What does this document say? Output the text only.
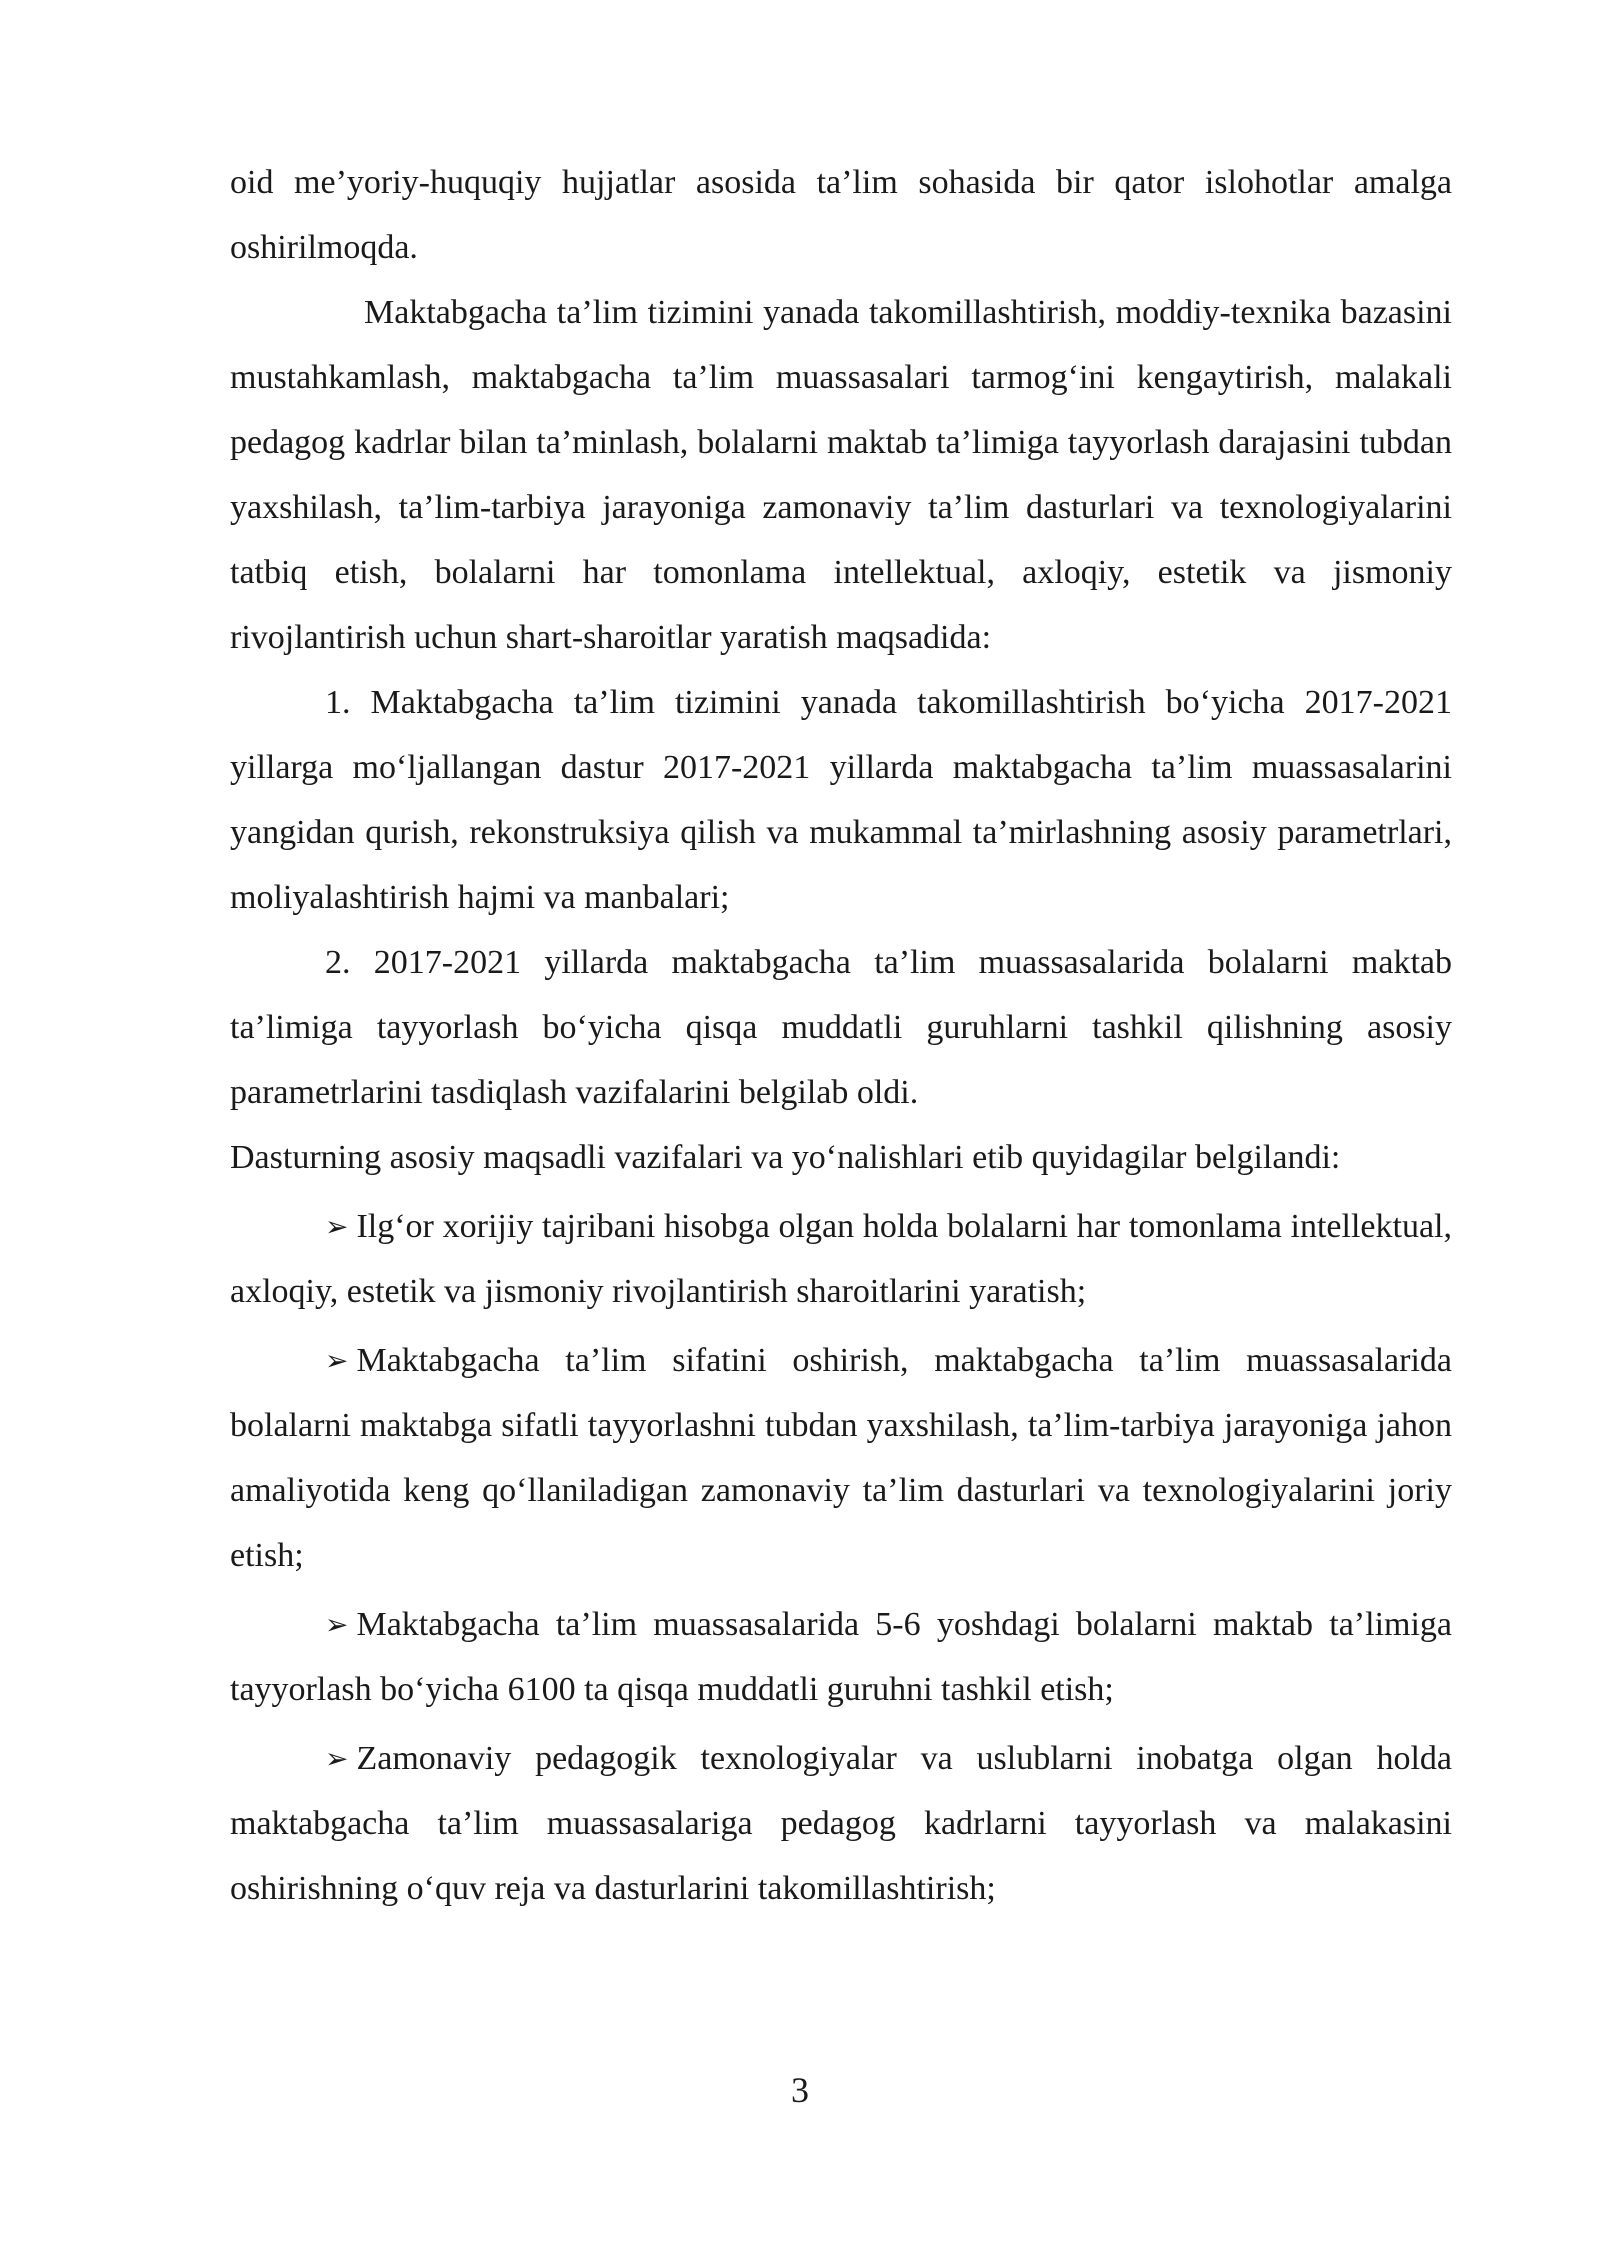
oid me’yoriy-huquqiy hujjatlar asosida ta’lim sohasida bir qator islohotlar amalga oshirilmoqda.

Maktabgacha ta’lim tizimini yanada takomillashtirish, moddiy-texnika bazasini mustahkamlash, maktabgacha ta’lim muassasalari tarmog‘ini kengaytirish, malakali pedagog kadrlar bilan ta’minlash, bolalarni maktab ta’limiga tayyorlash darajasini tubdan yaxshilash, ta’lim-tarbiya jarayoniga zamonaviy ta’lim dasturlari va texnologiyalarini tatbiq etish, bolalarni har tomonlama intellektual, axloqiy, estetik va jismoniy rivojlantirish uchun shart-sharoitlar yaratish maqsadida:

1. Maktabgacha ta’lim tizimini yanada takomillashtirish bo‘yicha 2017-2021 yillarga mo‘ljallangan dastur 2017-2021 yillarda maktabgacha ta’lim muassasalarini yangidan qurish, rekonstruksiya qilish va mukammal ta’mirlashning asosiy parametrlari, moliyalashtirish hajmi va manbalari;

2. 2017-2021 yillarda maktabgacha ta’lim muassasalarida bolalarni maktab ta’limiga tayyorlash bo‘yicha qisqa muddatli guruhlarni tashkil qilishning asosiy parametrlarini tasdiqlash vazifalarini belgilab oldi.

Dasturning asosiy maqsadli vazifalari va yo‘nalishlari etib quyidagilar belgilandi:

➢ Ilg‘or xorijiy tajribani hisobga olgan holda bolalarni har tomonlama intellektual, axloqiy, estetik va jismoniy rivojlantirish sharoitlarini yaratish;

➢ Maktabgacha ta’lim sifatini oshirish, maktabgacha ta’lim muassasalarida bolalarni maktabga sifatli tayyorlashni tubdan yaxshilash, ta’lim-tarbiya jarayoniga jahon amaliyotida keng qo‘llaniladigan zamonaviy ta’lim dasturlari va texnologiyalarini joriy etish;

➢ Maktabgacha ta’lim muassasalarida 5-6 yoshdagi bolalarni maktab ta’limiga tayyorlash bo‘yicha 6100 ta qisqa muddatli guruhni tashkil etish;

➢ Zamonaviy pedagogik texnologiyalar va uslublarni inobatga olgan holda maktabgacha ta’lim muassasalariga pedagog kadrlarni tayyorlash va malakasini oshirishning o‘quv reja va dasturlarini takomillashtirish;

3
